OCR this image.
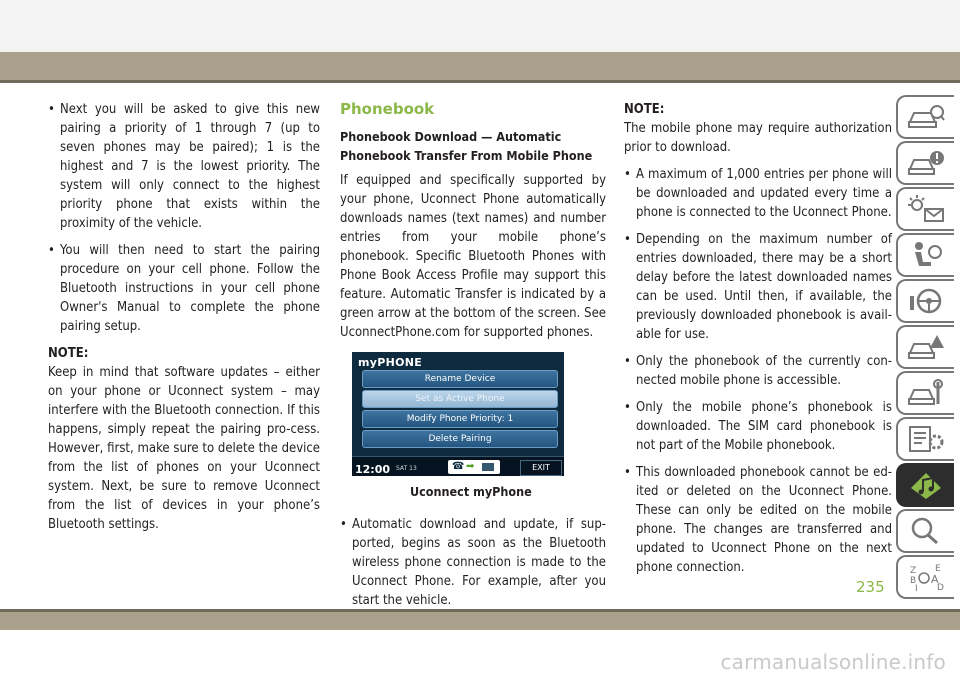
• Next you will be asked to give this new pairing a priority of 1 through 7 (up to seven phones may be paired); 1 is the highest and 7 is the lowest priority. The system will only connect to the highest priority phone that exists within the proximity of the vehicle.

• You will then need to start the pairing procedure on your cell phone. Follow the Bluetooth instructions in your cell phone Owner's Manual to complete the phone pairing setup.

NOTE:

Keep in mind that software updates – either on your phone or Uconnect system – may interfere with the Bluetooth connection. If this happens, simply repeat the pairing pro-cess. However, first, make sure to delete the device from the list of phones on your Uconnect system. Next, be sure to remove Uconnect from the list of devices in your phone’s Bluetooth settings.

Phonebook

Phonebook Download — Automatic Phonebook Transfer From Mobile Phone

If equipped and specifically supported by your phone, Uconnect Phone automatically downloads names (text names) and number entries from your mobile phone’s phonebook. Specific Bluetooth Phones with Phone Book Access Profile may support this feature. Automatic Transfer is indicated by a green arrow at the bottom of the screen. See UconnectPhone.com for supported phones.

myPHONE
Rename Device
Set as Active Phone
Modify Phone Priority: 1
Delete Pairing
12:00 SAT 13	☎ ➡	EXIT

Uconnect myPhone

• Automatic download and update, if sup-ported, begins as soon as the Bluetooth wireless phone connection is made to the Uconnect Phone. For example, after you start the vehicle.

NOTE:

The mobile phone may require authorization prior to download.

• A maximum of 1,000 entries per phone will be downloaded and updated every time a phone is connected to the Uconnect Phone.

• Depending on the maximum number of entries downloaded, there may be a short delay before the latest downloaded names can be used. Until then, if available, the previously downloaded phonebook is avail-able for use.

• Only the phonebook of the currently con-nected mobile phone is accessible.

• Only the mobile phone’s phonebook is downloaded. The SIM card phonebook is not part of the Mobile phonebook.

• This downloaded phonebook cannot be ed-ited or deleted on the Uconnect Phone. These can only be edited on the mobile phone. The changes are transferred and updated to Uconnect Phone on the next phone connection.	Z E
B A
I D
235
carmanualsonline.info
